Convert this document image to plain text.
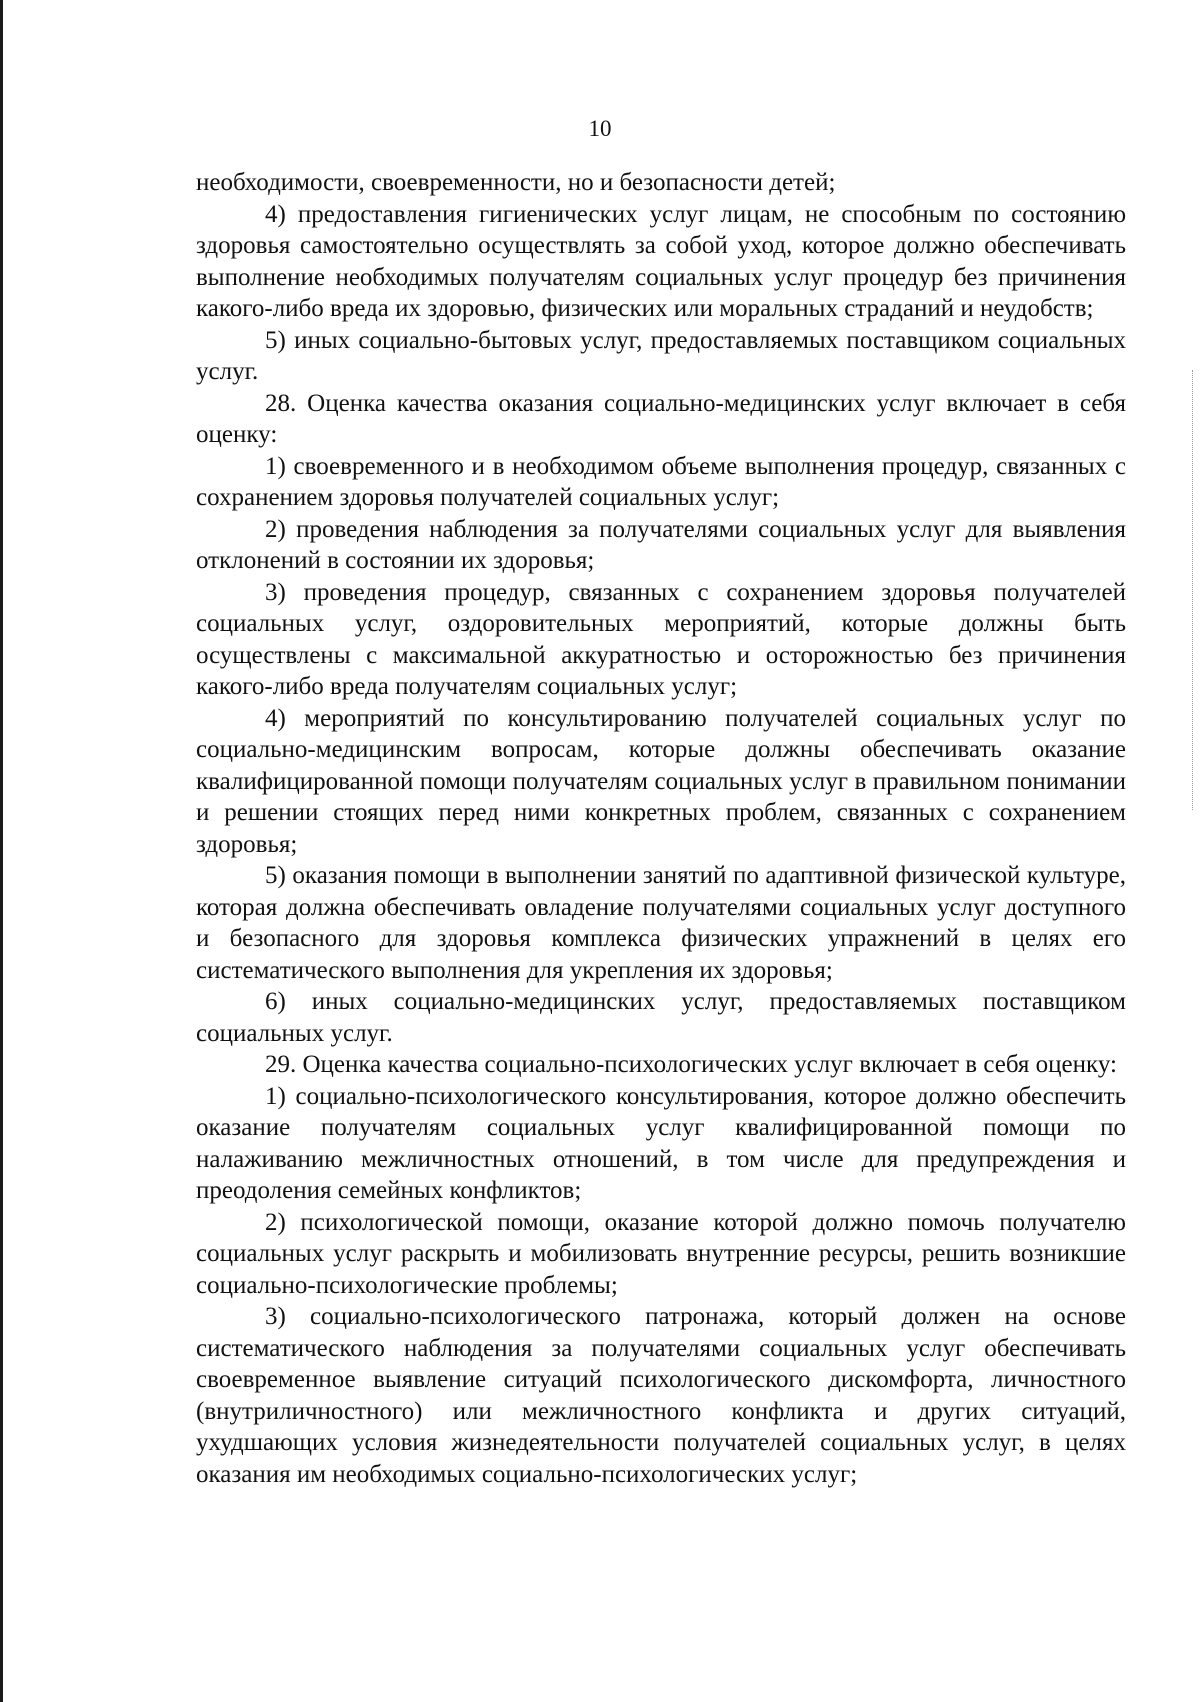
10

необходимости, своевременности, но и безопасности детей;

4) предоставления гигиенических услуг лицам, не способным по состоянию здоровья самостоятельно осуществлять за собой уход, которое должно обеспечивать выполнение необходимых получателям социальных услуг процедур без причинения какого-либо вреда их здоровью, физических или моральных страданий и неудобств;

5) иных социально-бытовых услуг, предоставляемых поставщиком социальных услуг.

28. Оценка качества оказания социально-медицинских услуг включает в себя оценку:

1) своевременного и в необходимом объеме выполнения процедур, связанных с сохранением здоровья получателей социальных услуг;

2) проведения наблюдения за получателями социальных услуг для выявления отклонений в состоянии их здоровья;

3) проведения процедур, связанных с сохранением здоровья получателей социальных услуг, оздоровительных мероприятий, которые должны быть осуществлены с максимальной аккуратностью и осторожностью без причинения какого-либо вреда получателям социальных услуг;

4) мероприятий по консультированию получателей социальных услуг по социально-медицинским вопросам, которые должны обеспечивать оказание квалифицированной помощи получателям социальных услуг в правильном понимании и решении стоящих перед ними конкретных проблем, связанных с сохранением здоровья;

5) оказания помощи в выполнении занятий по адаптивной физической культуре, которая должна обеспечивать овладение получателями социальных услуг доступного и безопасного для здоровья комплекса физических упражнений в целях его систематического выполнения для укрепления их здоровья;

6) иных социально-медицинских услуг, предоставляемых поставщиком социальных услуг.

29. Оценка качества социально-психологических услуг включает в себя оценку:

1) социально-психологического консультирования, которое должно обеспечить оказание получателям социальных услуг квалифицированной помощи по налаживанию межличностных отношений, в том числе для предупреждения и преодоления семейных конфликтов;

2) психологической помощи, оказание которой должно помочь получателю социальных услуг раскрыть и мобилизовать внутренние ресурсы, решить возникшие социально-психологические проблемы;

3) социально-психологического патронажа, который должен на основе систематического наблюдения за получателями социальных услуг обеспечивать своевременное выявление ситуаций психологического дискомфорта, личностного (внутриличностного) или межличностного конфликта и других ситуаций, ухудшающих условия жизнедеятельности получателей социальных услуг, в целях оказания им необходимых социально-психологических услуг;
